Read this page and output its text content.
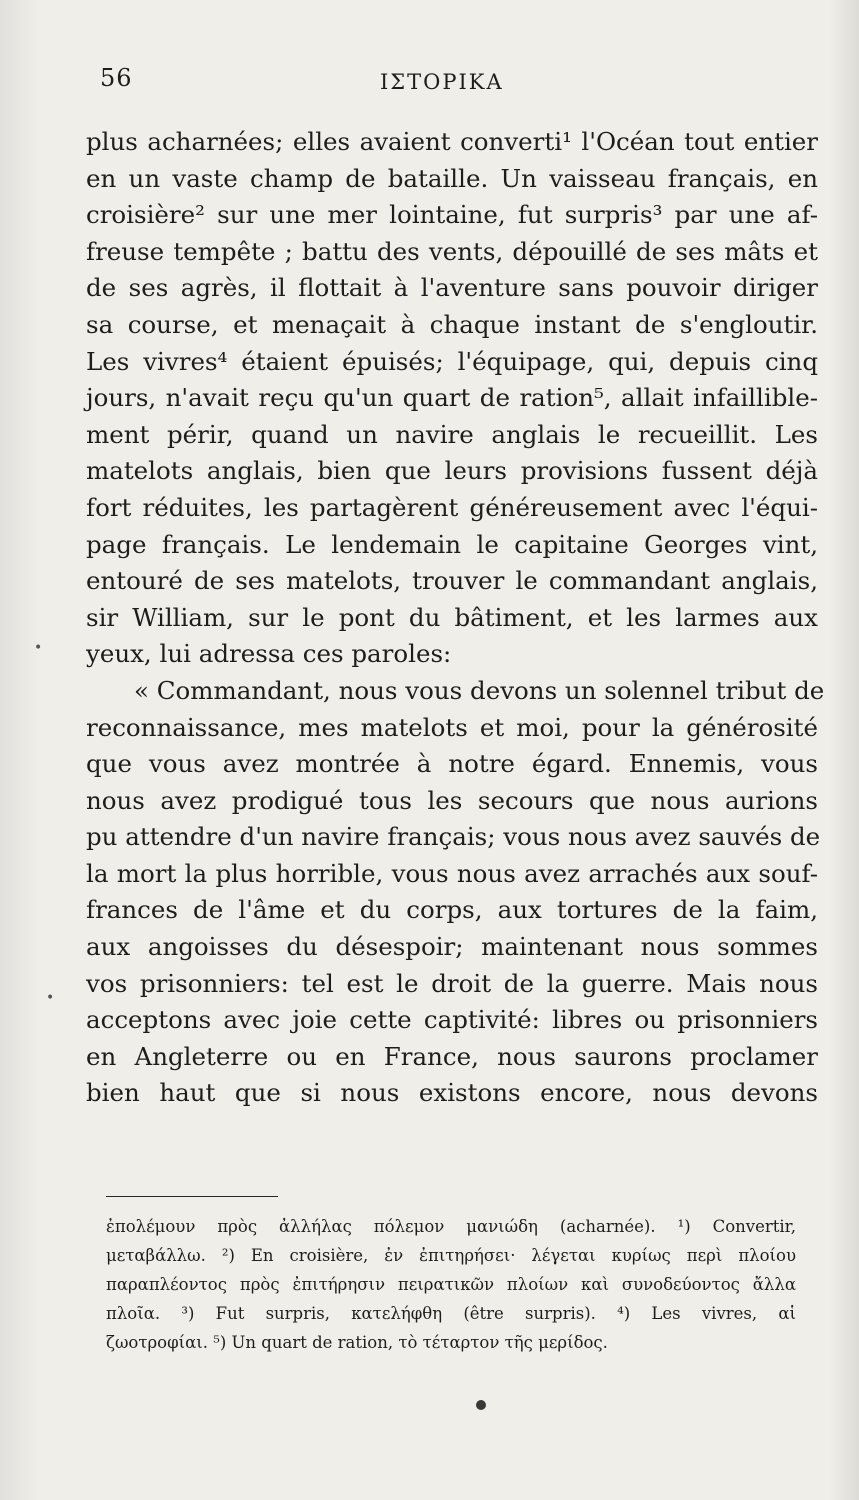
56	ΙΣΤΟΡΙΚΑ
plus acharnées; elles avaient converti¹ l'Océan tout entier
en un vaste champ de bataille. Un vaisseau français, en
croisière² sur une mer lointaine, fut surpris³ par une af-
freuse tempête ; battu des vents, dépouillé de ses mâts et
de ses agrès, il flottait à l'aventure sans pouvoir diriger
sa course, et menaçait à chaque instant de s'engloutir.
Les vivres⁴ étaient épuisés; l'équipage, qui, depuis cinq
jours, n'avait reçu qu'un quart de ration⁵, allait infaillible-
ment périr, quand un navire anglais le recueillit. Les
matelots anglais, bien que leurs provisions fussent déjà
fort réduites, les partagèrent généreusement avec l'équi-
page français. Le lendemain le capitaine Georges vint,
entouré de ses matelots, trouver le commandant anglais,
sir William, sur le pont du bâtiment, et les larmes aux
yeux, lui adressa ces paroles:
« Commandant, nous vous devons un solennel tribut de
reconnaissance, mes matelots et moi, pour la générosité
que vous avez montrée à notre égard. Ennemis, vous
nous avez prodigué tous les secours que nous aurions
pu attendre d'un navire français; vous nous avez sauvés de
la mort la plus horrible, vous nous avez arrachés aux souf-
frances de l'âme et du corps, aux tortures de la faim,
aux angoisses du désespoir; maintenant nous sommes
vos prisonniers: tel est le droit de la guerre. Mais nous
acceptons avec joie cette captivité: libres ou prisonniers
en Angleterre ou en France, nous saurons proclamer
bien haut que si nous existons encore, nous devons
ἐπολέμουν πρὸς ἀλλήλας πόλεμον μανιώδη (acharnée). ¹) Convertir,
μεταβάλλω. ²) En croisière, ἐν ἐπιτηρήσει· λέγεται κυρίως περὶ πλοίου
παραπλέοντος πρὸς ἐπιτήρησιν πειρατικῶν πλοίων καὶ συνοδεύοντος ἄλλα
πλοῖα. ³) Fut surpris, κατελήφθη (être surpris). ⁴) Les vivres, αἱ
ζωοτροφίαι. ⁵) Un quart de ration, τὸ τέταρτον τῆς μερίδος.
•
•
